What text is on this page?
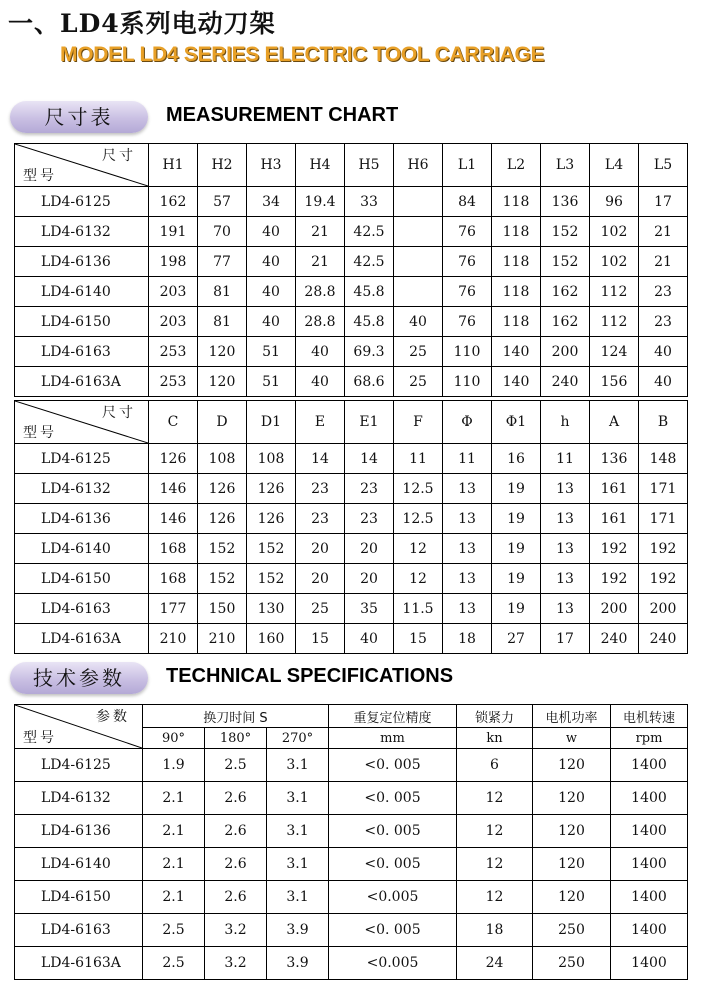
一、LD4系列电动刀架
MODEL LD4 SERIES ELECTRIC TOOL CARRIAGE
尺寸表	MEASUREMENT CHART
尺寸
型号	H1	H2	H3	H4	H5	H6	L1	L2	L3	L4	L5
LD4-6125	162	57	34	19.4	33		84	118	136	96	17
LD4-6132	191	70	40	21	42.5		76	118	152	102	21
LD4-6136	198	77	40	21	42.5		76	118	152	102	21
LD4-6140	203	81	40	28.8	45.8		76	118	162	112	23
LD4-6150	203	81	40	28.8	45.8	40	76	118	162	112	23
LD4-6163	253	120	51	40	69.3	25	110	140	200	124	40
LD4-6163A	253	120	51	40	68.6	25	110	140	240	156	40
尺寸
型号	C	D	D1	E	E1	F	Φ	Φ1	h	A	B
LD4-6125	126	108	108	14	14	11	11	16	11	136	148
LD4-6132	146	126	126	23	23	12.5	13	19	13	161	171
LD4-6136	146	126	126	23	23	12.5	13	19	13	161	171
LD4-6140	168	152	152	20	20	12	13	19	13	192	192
LD4-6150	168	152	152	20	20	12	13	19	13	192	192
LD4-6163	177	150	130	25	35	11.5	13	19	13	200	200
LD4-6163A	210	210	160	15	40	15	18	27	17	240	240
技术参数	TECHNICAL SPECIFICATIONS
参数
型号	换刀时间 S			重复定位精度	锁紧力	电机功率	电机转速
	90°	180°	270°	mm	kn	w	rpm
LD4-6125	1.9	2.5	3.1	<0. 005	6	120	1400
LD4-6132	2.1	2.6	3.1	<0. 005	12	120	1400
LD4-6136	2.1	2.6	3.1	<0. 005	12	120	1400
LD4-6140	2.1	2.6	3.1	<0. 005	12	120	1400
LD4-6150	2.1	2.6	3.1	<0.005	12	120	1400
LD4-6163	2.5	3.2	3.9	<0. 005	18	250	1400
LD4-6163A	2.5	3.2	3.9	<0.005	24	250	1400
